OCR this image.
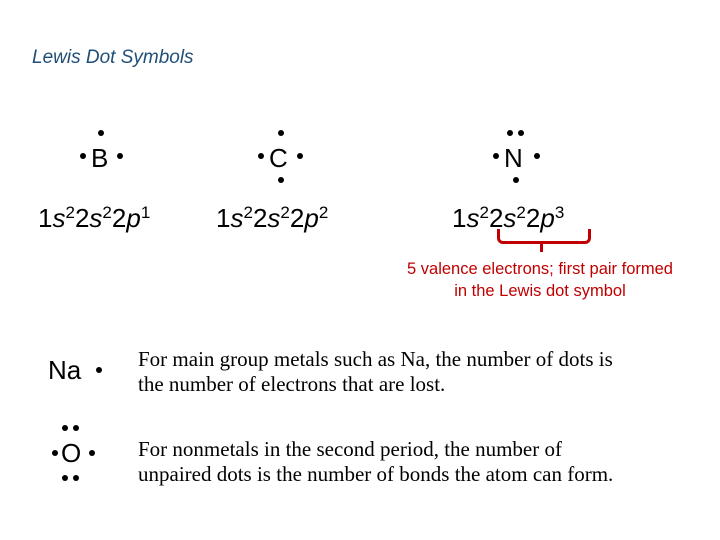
Lewis Dot Symbols
B	C	N
$1s^22s^22p^1$	$1s^22s^22p^2$	$1s^22s^22p^3$
5 valence electrons; first pair formed
in the Lewis dot symbol
Na	For main group metals such as Na, the number of dots is
the number of electrons that are lost.
O	For nonmetals in the second period, the number of
unpaired dots is the number of bonds the atom can form.
